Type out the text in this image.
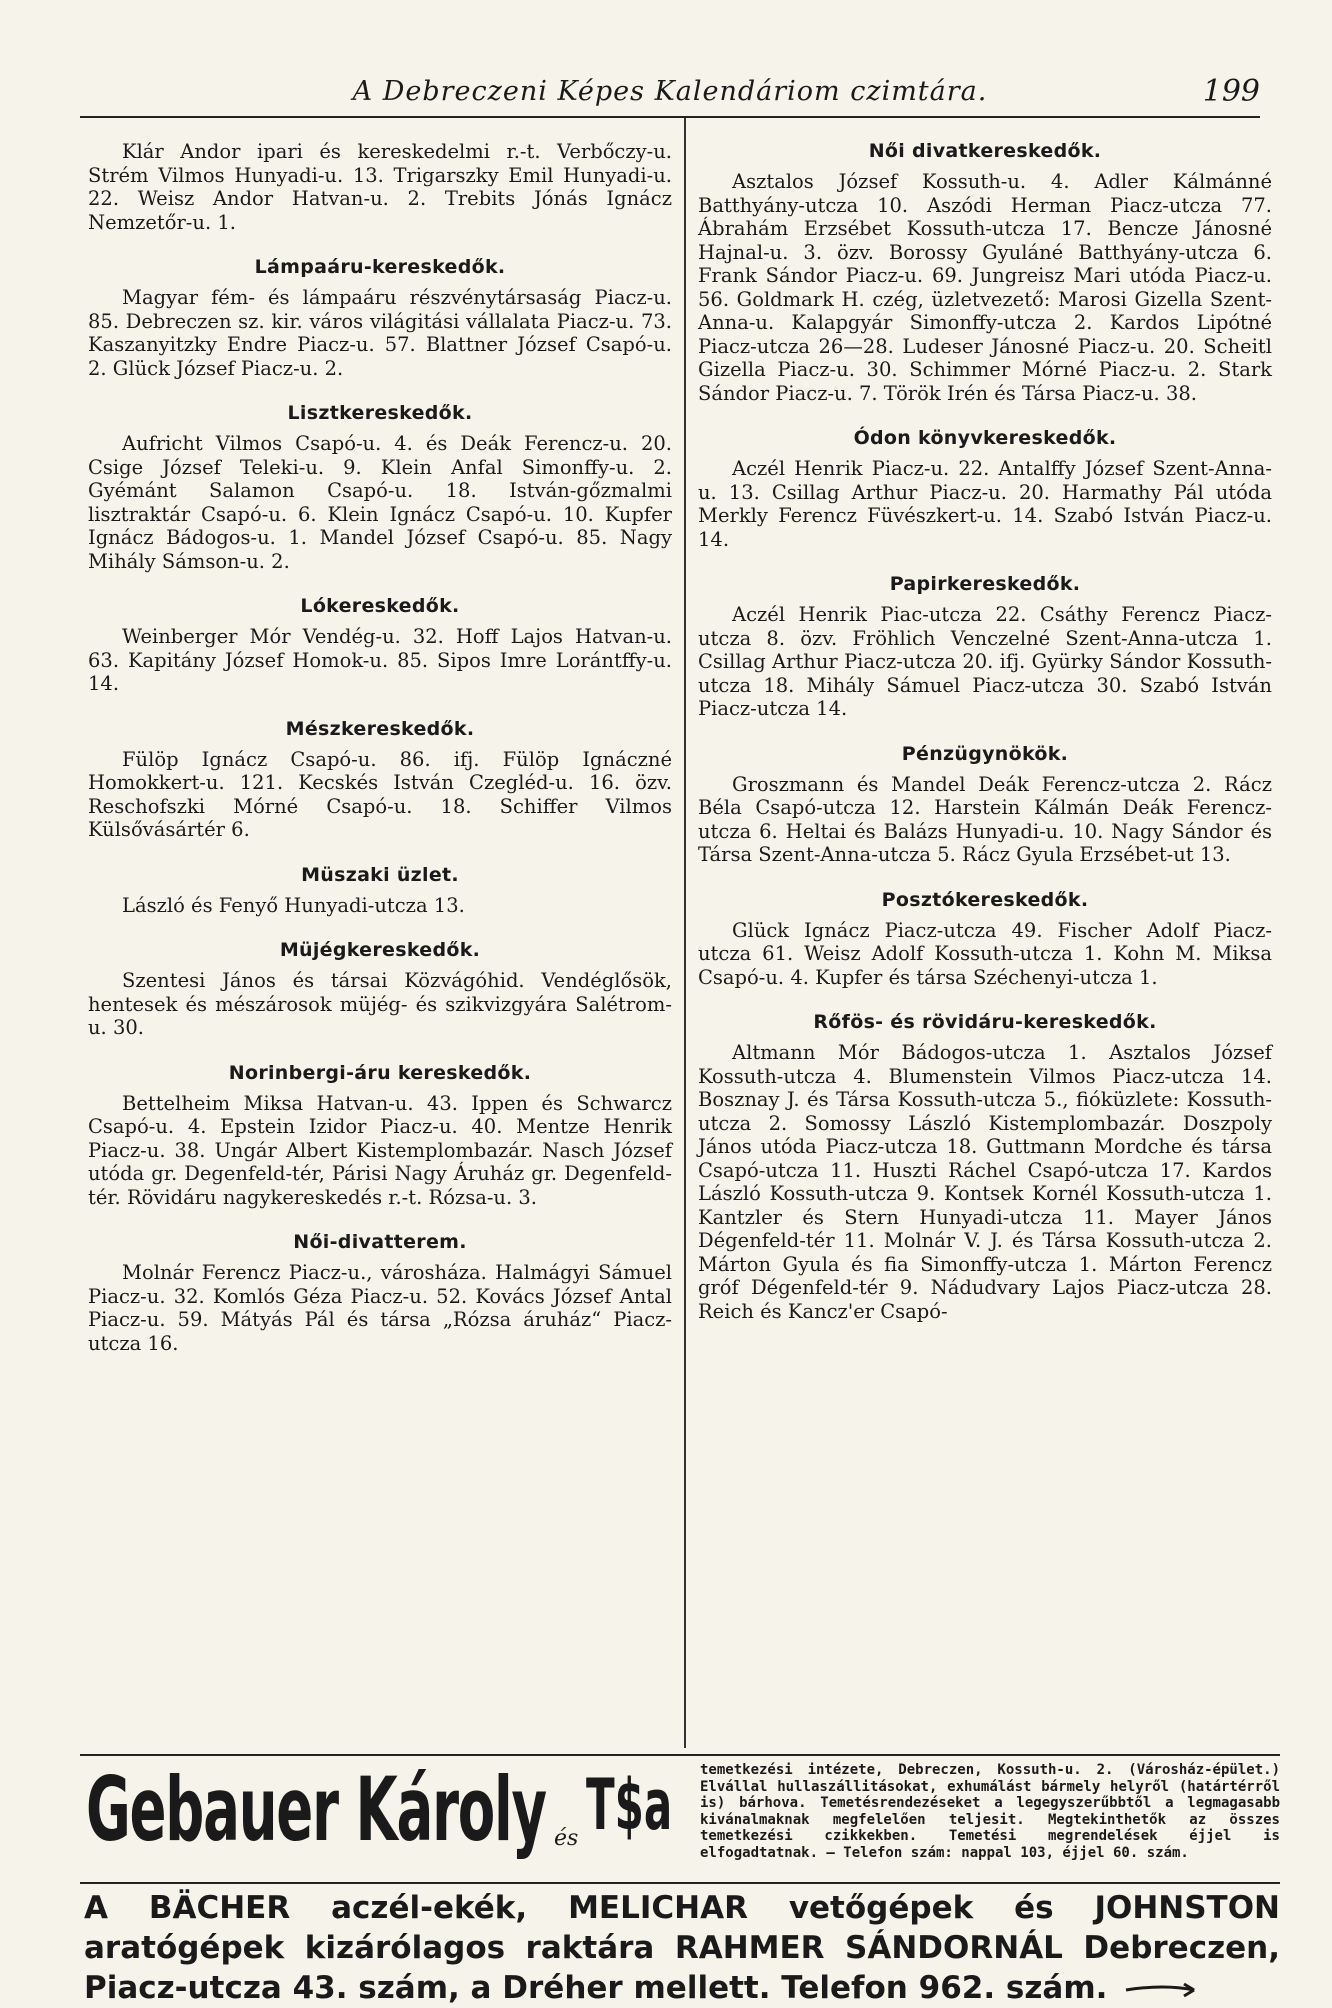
A Debreczeni Képes Kalendáriom czimtára.	199

Klár Andor ipari és kereskedelmi r.-t. Verbőczy-u. Strém Vilmos Hunyadi-u. 13. Trigarszky Emil Hunyadi-u. 22. Weisz Andor Hatvan-u. 2. Trebits Jónás Ignácz Nemzetőr-u. 1.

Lámpaáru-kereskedők.

Magyar fém- és lámpaáru részvénytársaság Piacz-u. 85. Debreczen sz. kir. város világitási vállalata Piacz-u. 73. Kaszanyitzky Endre Piacz-u. 57. Blattner József Csapó-u. 2. Glück József Piacz-u. 2.

Lisztkereskedők.

Aufricht Vilmos Csapó-u. 4. és Deák Ferencz-u. 20. Csige József Teleki-u. 9. Klein Anfal Simonffy-u. 2. Gyémánt Salamon Csapó-u. 18. István-gőzmalmi lisztraktár Csapó-u. 6. Klein Ignácz Csapó-u. 10. Kupfer Ignácz Bádogos-u. 1. Mandel József Csapó-u. 85. Nagy Mihály Sámson-u. 2.

Lókereskedők.

Weinberger Mór Vendég-u. 32. Hoff Lajos Hatvan-u. 63. Kapitány József Homok-u. 85. Sipos Imre Lorántffy-u. 14.

Mészkereskedők.

Fülöp Ignácz Csapó-u. 86. ifj. Fülöp Ignáczné Homokkert-u. 121. Kecskés István Czegléd-u. 16. özv. Reschofszki Mórné Csapó-u. 18. Schiffer Vilmos Külsővásártér 6.

Müszaki üzlet.

László és Fenyő Hunyadi-utcza 13.

Müjégkereskedők.

Szentesi János és társai Közvágóhid. Vendéglősök, hentesek és mészárosok müjég- és szikvizgyára Salétrom-u. 30.

Norinbergi-áru kereskedők.

Bettelheim Miksa Hatvan-u. 43. Ippen és Schwarcz Csapó-u. 4. Epstein Izidor Piacz-u. 40. Mentze Henrik Piacz-u. 38. Ungár Albert Kistemplombazár. Nasch József utóda gr. Degenfeld-tér, Párisi Nagy Áruház gr. Degenfeld-tér. Rövidáru nagykereskedés r.-t. Rózsa-u. 3.

Női-divatterem.

Molnár Ferencz Piacz-u., városháza. Halmágyi Sámuel Piacz-u. 32. Komlós Géza Piacz-u. 52. Kovács József Antal Piacz-u. 59. Mátyás Pál és társa „Rózsa áruház“ Piacz-utcza 16.

Női divatkereskedők.

Asztalos József Kossuth-u. 4. Adler Kálmánné Batthyány-utcza 10. Aszódi Herman Piacz-utcza 77. Ábrahám Erzsébet Kossuth-utcza 17. Bencze Jánosné Hajnal-u. 3. özv. Borossy Gyuláné Batthyány-utcza 6. Frank Sándor Piacz-u. 69. Jungreisz Mari utóda Piacz-u. 56. Goldmark H. czég, üzletvezető: Marosi Gizella Szent-Anna-u. Kalapgyár Simonffy-utcza 2. Kardos Lipótné Piacz-utcza 26—28. Ludeser Jánosné Piacz-u. 20. Scheitl Gizella Piacz-u. 30. Schimmer Mórné Piacz-u. 2. Stark Sándor Piacz-u. 7. Török Irén és Társa Piacz-u. 38.

Ódon könyvkereskedők.

Aczél Henrik Piacz-u. 22. Antalffy József Szent-Anna-u. 13. Csillag Arthur Piacz-u. 20. Harmathy Pál utóda Merkly Ferencz Füvészkert-u. 14. Szabó István Piacz-u. 14.

Papirkereskedők.

Aczél Henrik Piac-utcza 22. Csáthy Ferencz Piacz-utcza 8. özv. Fröhlich Venczelné Szent-Anna-utcza 1. Csillag Arthur Piacz-utcza 20. ifj. Gyürky Sándor Kossuth-utcza 18. Mihály Sámuel Piacz-utcza 30. Szabó István Piacz-utcza 14.

Pénzügynökök.

Groszmann és Mandel Deák Ferencz-utcza 2. Rácz Béla Csapó-utcza 12. Harstein Kálmán Deák Ferencz-utcza 6. Heltai és Balázs Hunyadi-u. 10. Nagy Sándor és Társa Szent-Anna-utcza 5. Rácz Gyula Erzsébet-ut 13.

Posztókereskedők.

Glück Ignácz Piacz-utcza 49. Fischer Adolf Piacz-utcza 61. Weisz Adolf Kossuth-utcza 1. Kohn M. Miksa Csapó-u. 4. Kupfer és társa Széchenyi-utcza 1.

Rőfös- és rövidáru-kereskedők.

Altmann Mór Bádogos-utcza 1. Asztalos József Kossuth-utcza 4. Blumenstein Vilmos Piacz-utcza 14. Bosznay J. és Társa Kossuth-utcza 5., fióküzlete: Kossuth-utcza 2. Somossy László Kistemplombazár. Doszpoly János utóda Piacz-utcza 18. Guttmann Mordche és társa Csapó-utcza 11. Huszti Ráchel Csapó-utcza 17. Kardos László Kossuth-utcza 9. Kontsek Kornél Kossuth-utcza 1. Kantzler és Stern Hunyadi-utcza 11. Mayer János Dégenfeld-tér 11. Molnár V. J. és Társa Kossuth-utcza 2. Márton Gyula és fia Simonffy-utcza 1. Márton Ferencz gróf Dégenfeld-tér 9. Nádudvary Lajos Piacz-utcza 28. Reich és Kancz'er Csapó-

Gebauer Károly és T$a temetkezési intézete, Debreczen, Kossuth-u. 2. (Városház-épület.) Elvállal hullaszállitásokat, exhumálást bármely helyről (határtérről is) bárhova. Temetésrendezéseket a legegyszerűbbtől a legmagasabb kivánalmaknak megfelelően teljesit. Megtekinthetők az összes temetkezési czikkekben. Temetési megrendelések éjjel is elfogadtatnak. — Telefon szám: nappal 103, éjjel 60. szám.
A BÄCHER aczél-ekék, MELICHAR vetőgépek és JOHNSTON aratógépek kizárólagos raktára RAHMER SÁNDORNÁL Debreczen, Piacz-utcza 43. szám, a Dréher mellett. Telefon 962. szám.
